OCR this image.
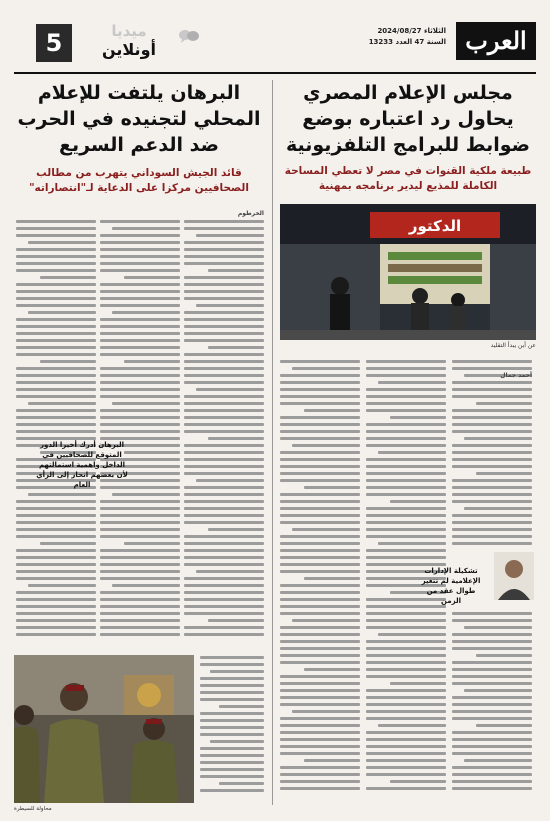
العرب
الثلاثاء 2024/08/27
السنة 47 العدد 13233
5	ميديا
أونلاين
مجلس الإعلام المصري يحاول رد اعتباره بوضع ضوابط للبرامج التلفزيونية
طبيعة ملكية القنوات في مصر لا تعطي المساحة الكاملة للمذيع ليدير برنامجه بمهنية
الدكتور
عن أين يبدأ التقليد
أحمد جمال
تشكيلة الإدارات الإعلامية لم تتغير طوال عقد من الزمن
البرهان يلتفت للإعلام المحلي لتجنيده في الحرب ضد الدعم السريع
قائد الجيش السوداني يتهرب من مطالب الصحافيين مركزا على الدعاية لـ"انتصاراته"
الخرطوم
البرهان أدرك أخيرا الدور المتوقع للصحافيين في الداخل واهمية استمالتهم لأن بعضهم انحاز إلى الرأي العام
محاولة للسيطرة
